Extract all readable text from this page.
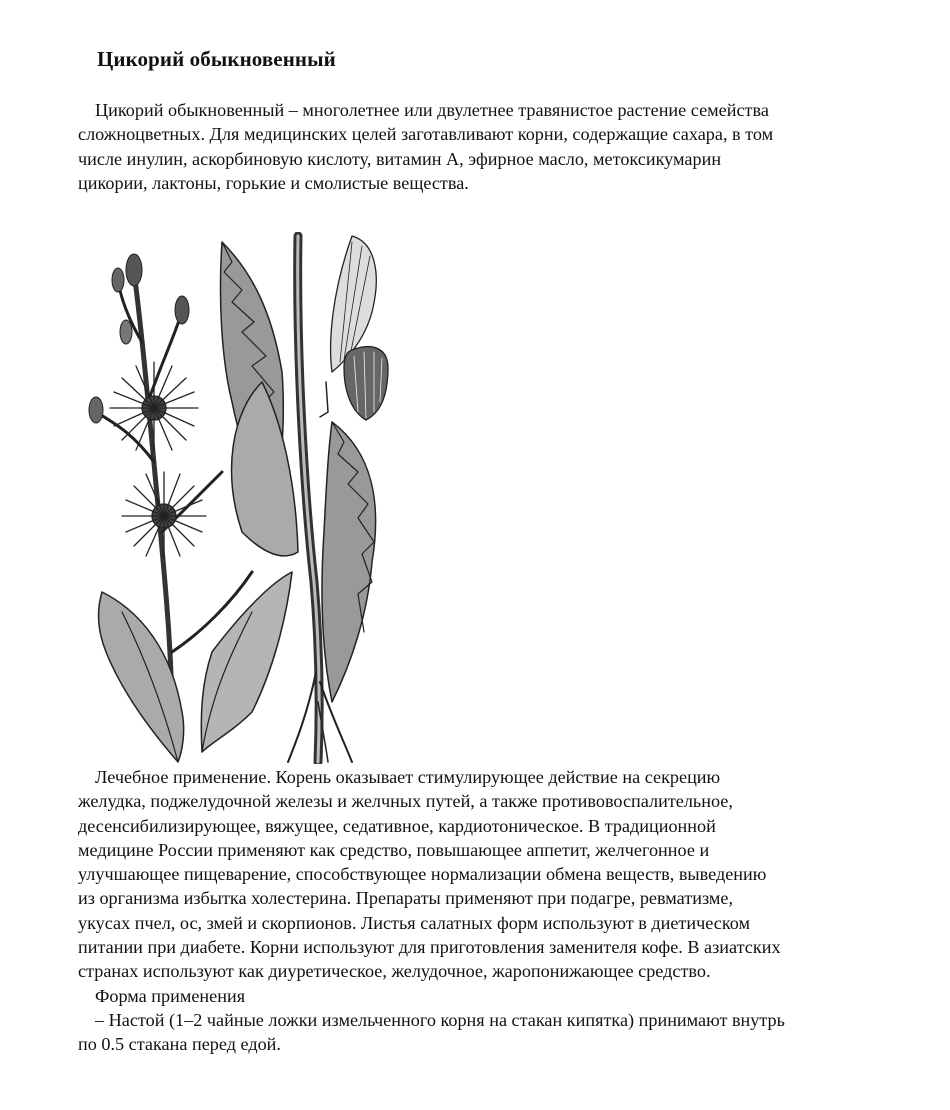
Цикорий обыкновенный
Цикорий обыкновенный – многолетнее или двулетнее травянистое растение семейства
сложноцветных. Для медицинских целей заготавливают корни, содержащие сахара, в том
числе инулин, аскорбиновую кислоту, витамин А, эфирное масло, метоксикумарин
цикории, лактоны, горькие и смолистые вещества.
Лечебное применение. Корень оказывает стимулирующее действие на секрецию
желудка, поджелудочной железы и желчных путей, а также противовоспалительное,
десенсибилизирующее, вяжущее, седативное, кардиотоническое. В традиционной
медицине России применяют как средство, повышающее аппетит, желчегонное и
улучшающее пищеварение, способствующее нормализации обмена веществ, выведению
из организма избытка холестерина. Препараты применяют при подагре, ревматизме,
укусах пчел, ос, змей и скорпионов. Листья салатных форм используют в диетическом
питании при диабете. Корни используют для приготовления заменителя кофе. В азиатских
странах используют как диуретическое, желудочное, жаропонижающее средство.
Форма применения
– Настой (1–2 чайные ложки измельченного корня на стакан кипятка) принимают внутрь
по 0.5 стакана перед едой.
